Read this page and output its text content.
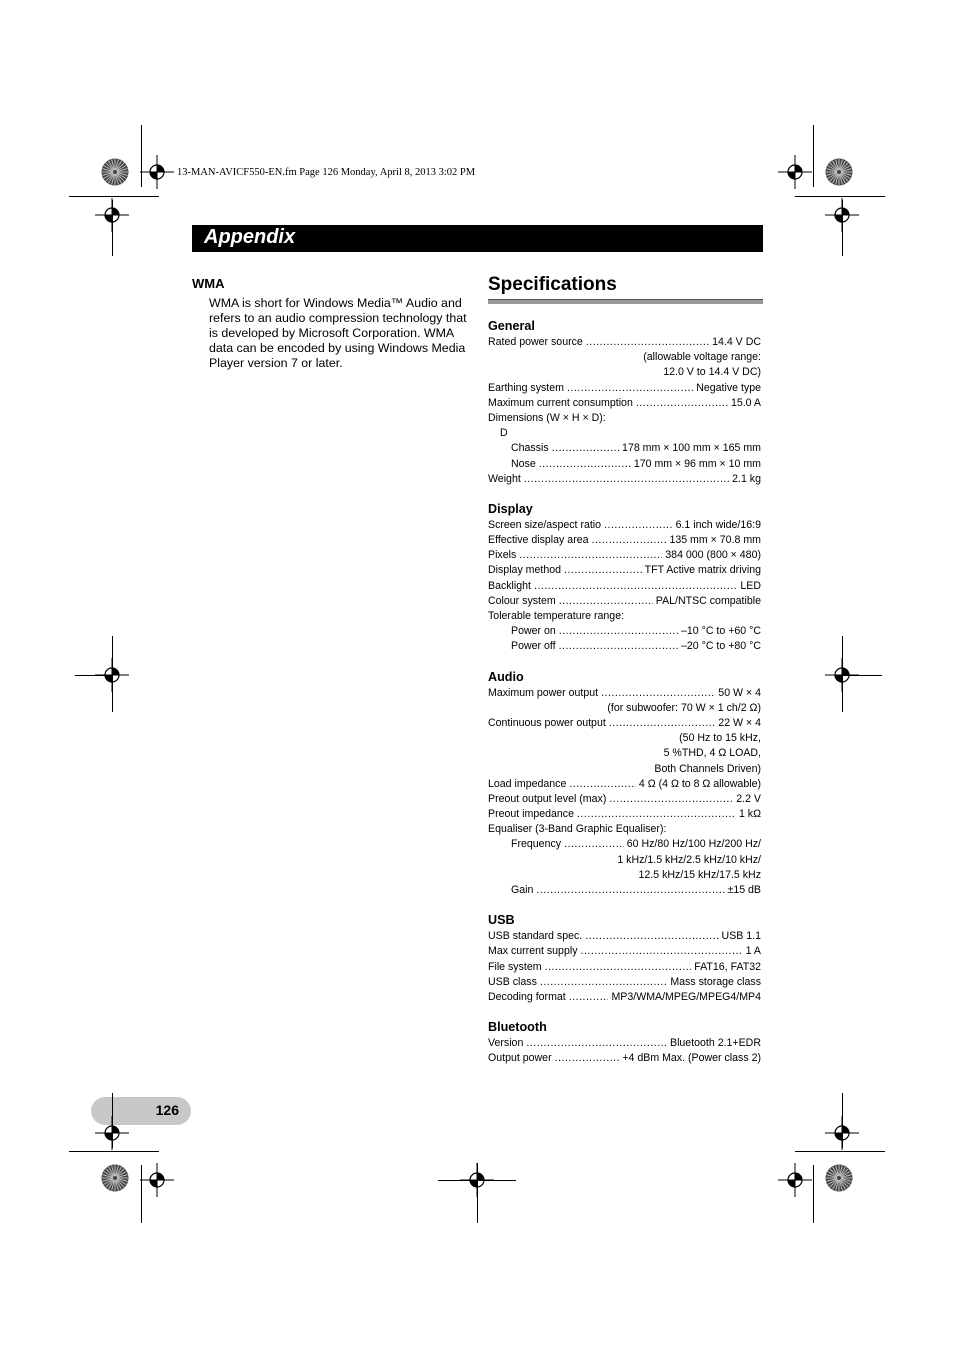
13-MAN-AVICF550-EN.fm Page 126 Monday, April 8, 2013 3:02 PM
Appendix
WMA
WMA is short for Windows Media™ Audio and refers to an audio compression technology that is developed by Microsoft Corporation. WMA data can be encoded by using Windows Media Player version 7 or later.
Specifications
General
Rated power source .....	14.4 V DC
(allowable voltage range:
12.0 V to 14.4 V DC)
Earthing system .....	Negative type
Maximum current consumption .....	15.0 A
Dimensions (W × H × D):
D
Chassis .....	178 mm × 100 mm × 165 mm
Nose .....	170 mm × 96 mm × 10 mm
Weight .....	2.1 kg
Display
Screen size/aspect ratio .....	6.1 inch wide/16:9
Effective display area .....	135 mm × 70.8 mm
Pixels .....	384 000 (800 × 480)
Display method .....	TFT Active matrix driving
Backlight .....	LED
Colour system .....	PAL/NTSC compatible
Tolerable temperature range:
Power on .....	–10 °C to +60 °C
Power off .....	–20 °C to +80 °C
Audio
Maximum power output .....	50 W × 4
(for subwoofer: 70 W × 1 ch/2 Ω)
Continuous power output .....	22 W × 4
(50 Hz to 15 kHz,
5 %THD, 4 Ω LOAD,
Both Channels Driven)
Load impedance .....	4 Ω (4 Ω to 8 Ω allowable)
Preout output level (max) .....	2.2 V
Preout impedance .....	1 kΩ
Equaliser (3-Band Graphic Equaliser):
Frequency .....	60 Hz/80 Hz/100 Hz/200 Hz/
1 kHz/1.5 kHz/2.5 kHz/10 kHz/
12.5 kHz/15 kHz/17.5 kHz
Gain .....	±15 dB
USB
USB standard spec. .....	USB 1.1
Max current supply .....	1 A
File system .....	FAT16, FAT32
USB class .....	Mass storage class
Decoding format .....	MP3/WMA/MPEG/MPEG4/MP4
Bluetooth
Version .....	Bluetooth 2.1+EDR
Output power .....	+4 dBm Max. (Power class 2)
126
